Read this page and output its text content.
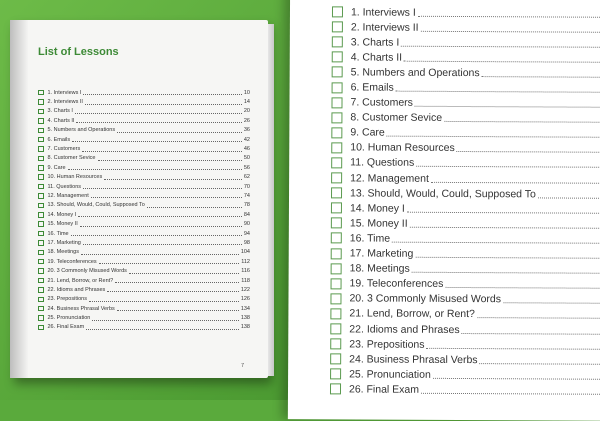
List of Lessons
1. Interviews I	10
2. Interviews II	14
3. Charts I	20
4. Charts II	26
5. Numbers and Operations	36
6. Emails	42
7. Customers	46
8. Customer Sevice	50
9. Care	56
10. Human Resources	62
11. Questions	70
12. Management	74
13. Should, Would, Could, Supposed To	78
14. Money I	84
15. Money II	90
16. Time	94
17. Marketing	98
18. Meetings	104
19. Teleconferences	112
20. 3 Commonly Misused Words	116
21. Lend, Borrow, or Rent?	118
22. Idioms and Phrases	122
23. Prepositions	126
24. Business Phrasal Verbs	134
25. Pronunciation	138
26. Final Exam	138
7
1. Interviews I
2. Interviews II
3. Charts I
4. Charts II
5. Numbers and Operations
6. Emails
7. Customers
8. Customer Sevice
9. Care
10. Human Resources
11. Questions
12. Management
13. Should, Would, Could, Supposed To
14. Money I
15. Money II
16. Time
17. Marketing
18. Meetings
19. Teleconferences
20. 3 Commonly Misused Words
21. Lend, Borrow, or Rent?
22. Idioms and Phrases
23. Prepositions
24. Business Phrasal Verbs
25. Pronunciation
26. Final Exam
